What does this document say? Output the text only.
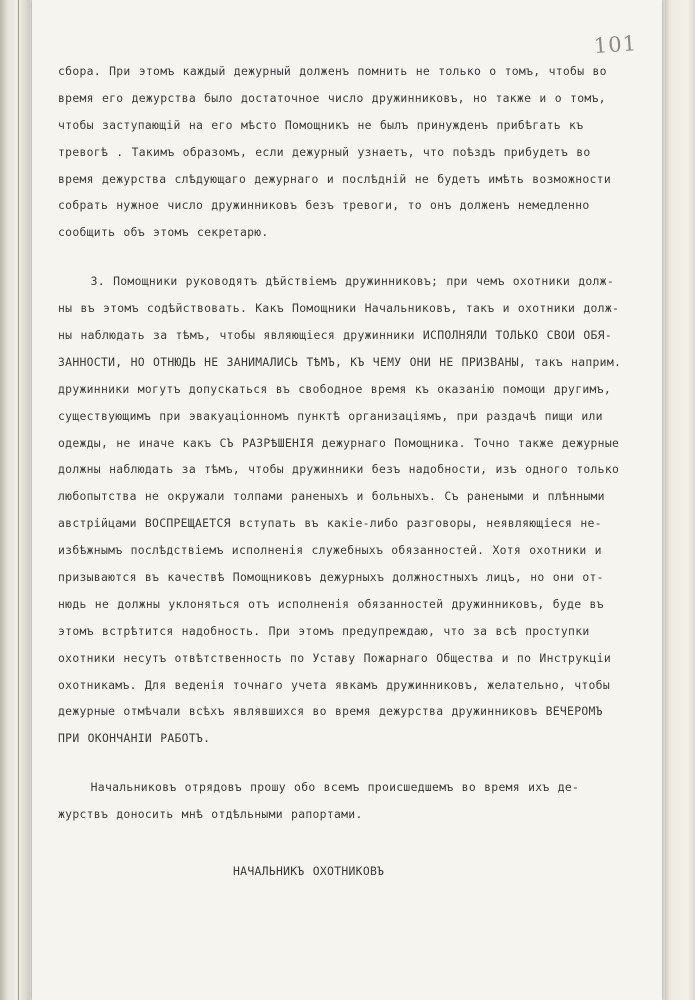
101
сбора. При этомъ каждый дежурный долженъ помнить не только о томъ, чтобы во
время его дежурства было достаточное число дружинниковъ, но также и о томъ,
чтобы заступающiй на его мѣсто Помощникъ не былъ принужденъ прибѣгать къ
тревогѣ . Такимъ образомъ, если дежурный узнаетъ, что поѣздъ прибудетъ во
время дежурства слѣдующаго дежурнаго и послѣднiй не будетъ имѣть возможности
собрать нужное число дружинниковъ безъ тревоги, то онъ долженъ немедленно
сообщить объ этомъ секретарю.
3. Помощники руководятъ дѣйствiемъ дружинниковъ; при чемъ охотники долж-
ны въ этомъ содѣйствовать. Какъ Помощники Начальниковъ, такъ и охотники долж-
ны наблюдать за тѣмъ, чтобы являющiеся дружинники ИСПОЛНЯЛИ ТОЛЬКО СВОИ ОБЯ-
ЗАННОСТИ, НО ОТНЮДЬ НЕ ЗАНИМАЛИСЬ ТѢМЪ, КЪ ЧЕМУ ОНИ НЕ ПРИЗВАНЫ, такъ наприм.
дружинники могутъ допускаться въ свободное время къ оказанiю помощи другимъ,
существующимъ при эвакуацiонномъ пунктѣ организацiямъ, при раздачѣ пищи или
одежды, не иначе какъ СЪ РАЗРѢШЕНIЯ дежурнаго Помощника. Точно также дежурные
должны наблюдать за тѣмъ, чтобы дружинники безъ надобности, изъ одного только
любопытства не окружали толпами раненыхъ и больныхъ. Съ ранеными и плѣнными
австрiйцами ВОСПРЕЩАЕТСЯ вступать въ какiе-либо разговоры, неявляющiеся не-
избѣжнымъ послѣдствiемъ исполненiя служебныхъ обязанностей. Хотя охотники и
призываются въ качествѣ Помощниковъ дежурныхъ должностныхъ лицъ, но они от-
нюдь не должны уклоняться отъ исполненiя обязанностей дружинниковъ, буде въ
этомъ встрѣтится надобность. При этомъ предупреждаю, что за всѣ проступки
охотники несутъ отвѣтственность по Уставу Пожарнаго Общества и по Инструкцiи
охотникамъ. Для веденiя точнаго учета явкамъ дружинниковъ, желательно, чтобы
дежурные отмѣчали всѣхъ являвшихся во время дежурства дружинниковъ ВЕЧЕРОМЪ
ПРИ ОКОНЧАНIИ РАБОТЪ.
Начальниковъ отрядовъ прошу обо всемъ происшедшемъ во время ихъ де-
журствъ доносить мнѣ отдѣльными рапортами.
НАЧАЛЬНИКЪ ОХОТНИКОВЪ
